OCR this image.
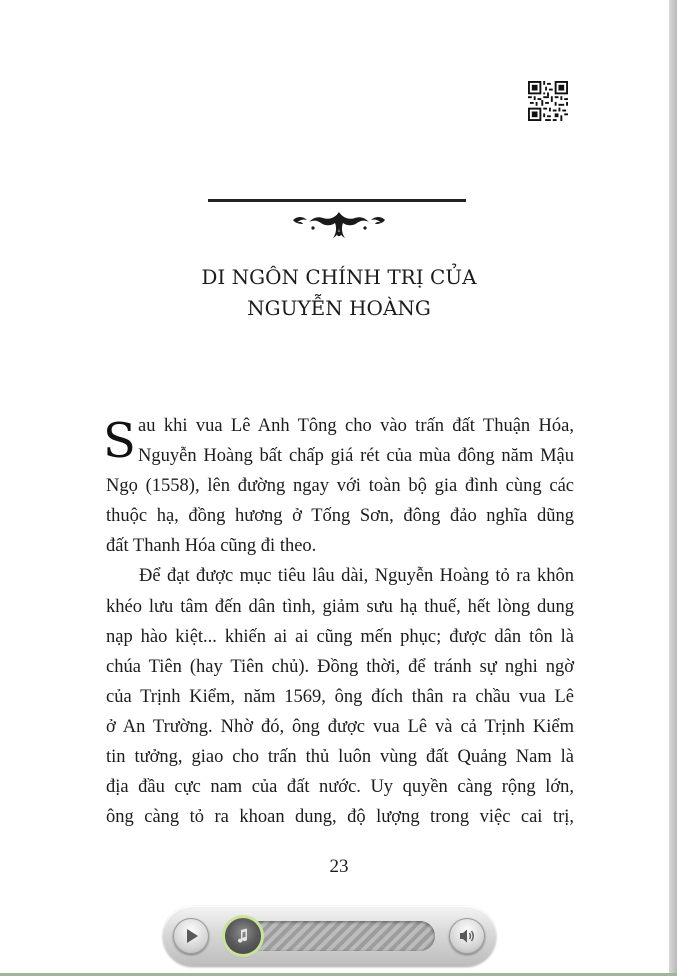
DI NGÔN CHÍNH TRỊ CỦA
NGUYỄN HOÀNG
S au khi vua Lê Anh Tông cho vào trấn đất Thuận Hóa,
Nguyễn Hoàng bất chấp giá rét của mùa đông năm Mậu
Ngọ (1558), lên đường ngay với toàn bộ gia đình cùng các
thuộc hạ, đồng hương ở Tống Sơn, đông đảo nghĩa dũng
đất Thanh Hóa cũng đi theo.
Để đạt được mục tiêu lâu dài, Nguyễn Hoàng tỏ ra khôn
khéo lưu tâm đến dân tình, giảm sưu hạ thuế, hết lòng dung
nạp hào kiệt... khiến ai ai cũng mến phục; được dân tôn là
chúa Tiên (hay Tiên chủ). Đồng thời, để tránh sự nghi ngờ
của Trịnh Kiểm, năm 1569, ông đích thân ra chầu vua Lê
ở An Trường. Nhờ đó, ông được vua Lê và cả Trịnh Kiểm
tin tưởng, giao cho trấn thủ luôn vùng đất Quảng Nam là
địa đầu cực nam của đất nước. Uy quyền càng rộng lớn,
ông càng tỏ ra khoan dung, độ lượng trong việc cai trị,
23
